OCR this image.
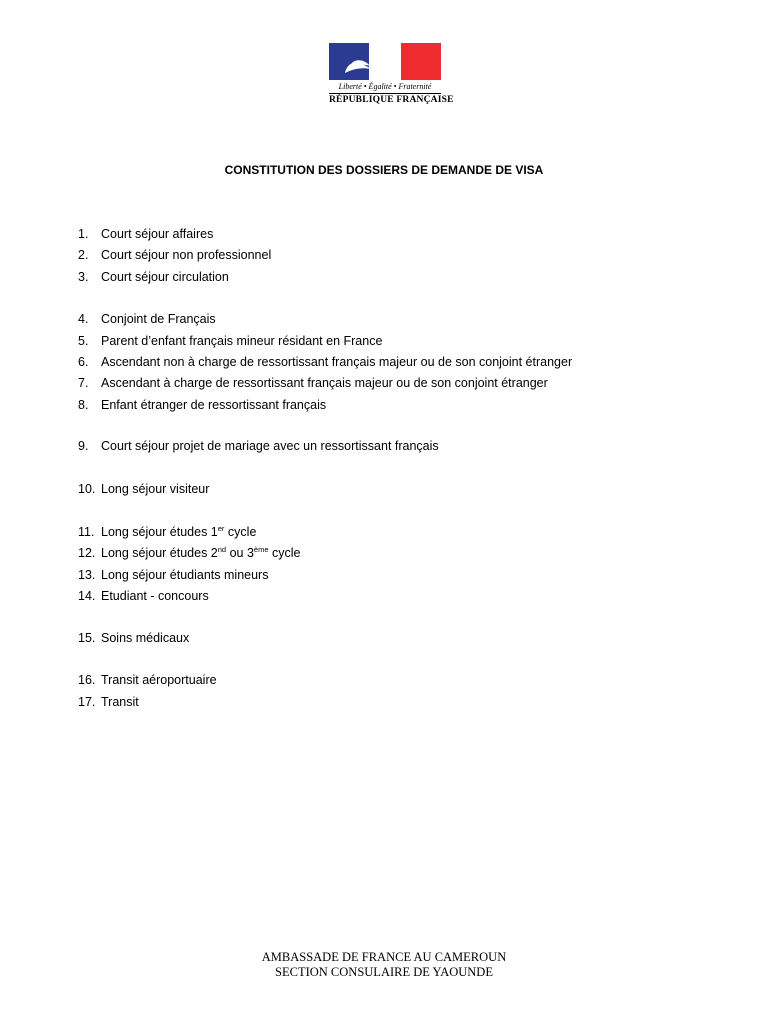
Liberté • Égalité • Fraternité
RÉPUBLIQUE FRANÇAISE
CONSTITUTION DES DOSSIERS DE DEMANDE DE VISA
1. Court séjour affaires
2. Court séjour non professionnel
3. Court séjour circulation
4. Conjoint de Français
5. Parent d’enfant français mineur résidant en France
6. Ascendant non à charge de ressortissant français majeur ou de son conjoint étranger
7. Ascendant à charge de ressortissant français majeur ou de son conjoint étranger
8. Enfant étranger de ressortissant français
9. Court séjour projet de mariage avec un ressortissant français
10. Long séjour visiteur
11. Long séjour études 1er cycle
12. Long séjour études 2nd ou 3ème cycle
13. Long séjour étudiants mineurs
14. Etudiant - concours
15. Soins médicaux
16. Transit aéroportuaire
17. Transit
AMBASSADE DE FRANCE AU CAMEROUN
SECTION CONSULAIRE DE YAOUNDE
